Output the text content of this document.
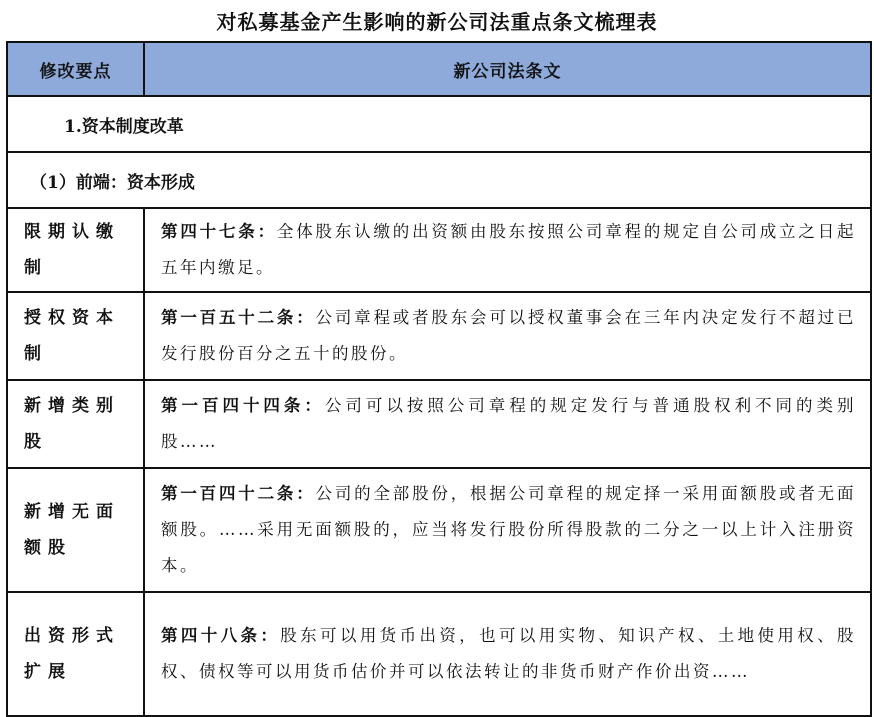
对私募基金产生影响的新公司法重点条文梳理表
修改要点	新公司法条文
1.资本制度改革	
（1）前端：资本形成	
限期认缴制	第四十七条：全体股东认缴的出资额由股东按照公司章程的规定自公司成立之日起五年内缴足。
授权资本制	第一百五十二条：公司章程或者股东会可以授权董事会在三年内决定发行不超过已发行股份百分之五十的股份。
新增类别股	第一百四十四条：公司可以按照公司章程的规定发行与普通股权利不同的类别股……
新增无面额股	第一百四十二条：公司的全部股份，根据公司章程的规定择一采用面额股或者无面额股。……采用无面额股的，应当将发行股份所得股款的二分之一以上计入注册资本。
出资形式扩展	第四十八条：股东可以用货币出资，也可以用实物、知识产权、土地使用权、股权、债权等可以用货币估价并可以依法转让的非货币财产作价出资……
